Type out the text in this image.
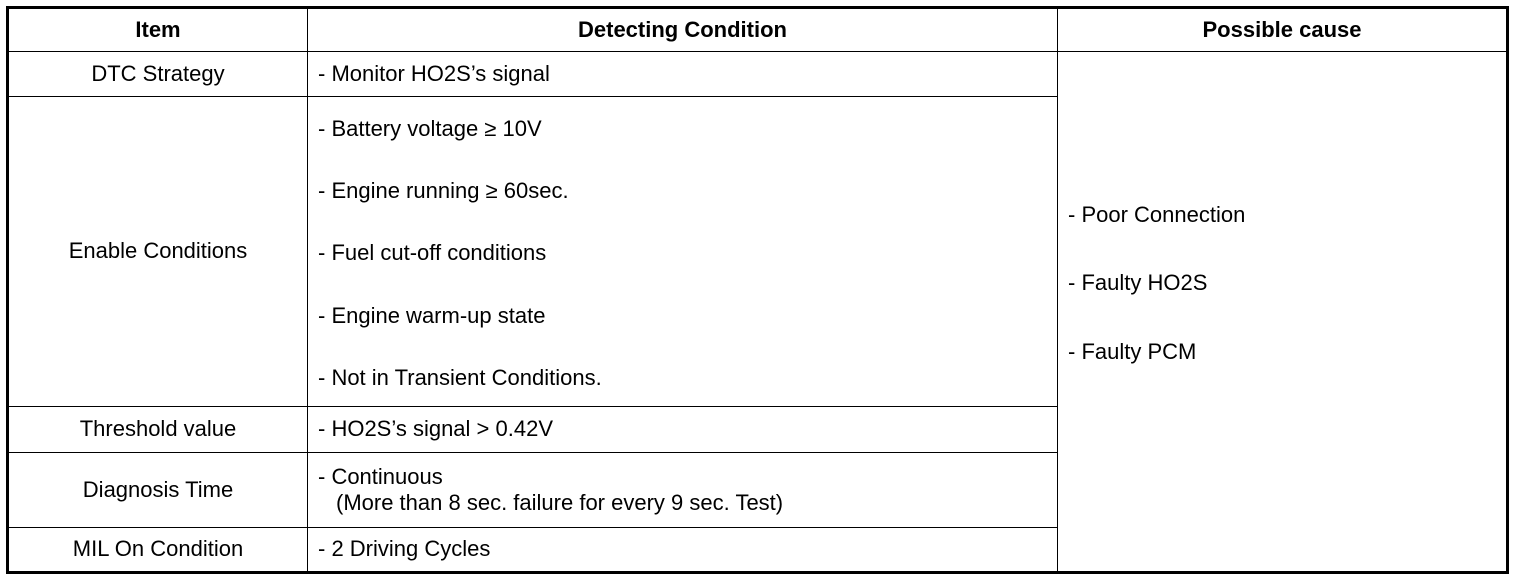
Item	Detecting Condition	Possible cause
DTC Strategy	- Monitor HO2S’s signal	- Poor Connection
- Faulty HO2S
- Faulty PCM

Enable Conditions	- Battery voltage ≥ 10V
- Engine running ≥ 60sec.
- Fuel cut-off conditions
- Engine warm-up state
- Not in Transient Conditions.	

Threshold value	- HO2S’s signal > 0.42V	

Diagnosis Time	- Continuous
(More than 8 sec. failure for every 9 sec. Test)	

MIL On Condition	- 2 Driving Cycles	
